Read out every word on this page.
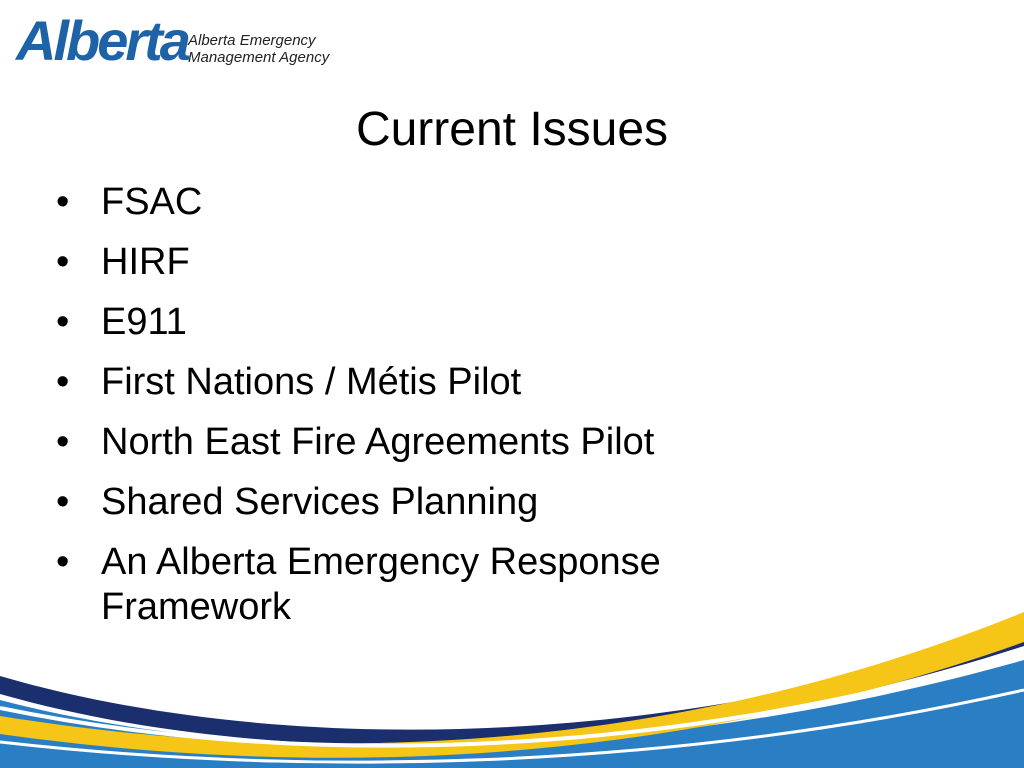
Alberta Alberta Emergency
Management Agency
Current Issues
• FSAC
• HIRF
• E911
• First Nations / Métis Pilot
• North East Fire Agreements Pilot
• Shared Services Planning
• An Alberta Emergency Response Framework
